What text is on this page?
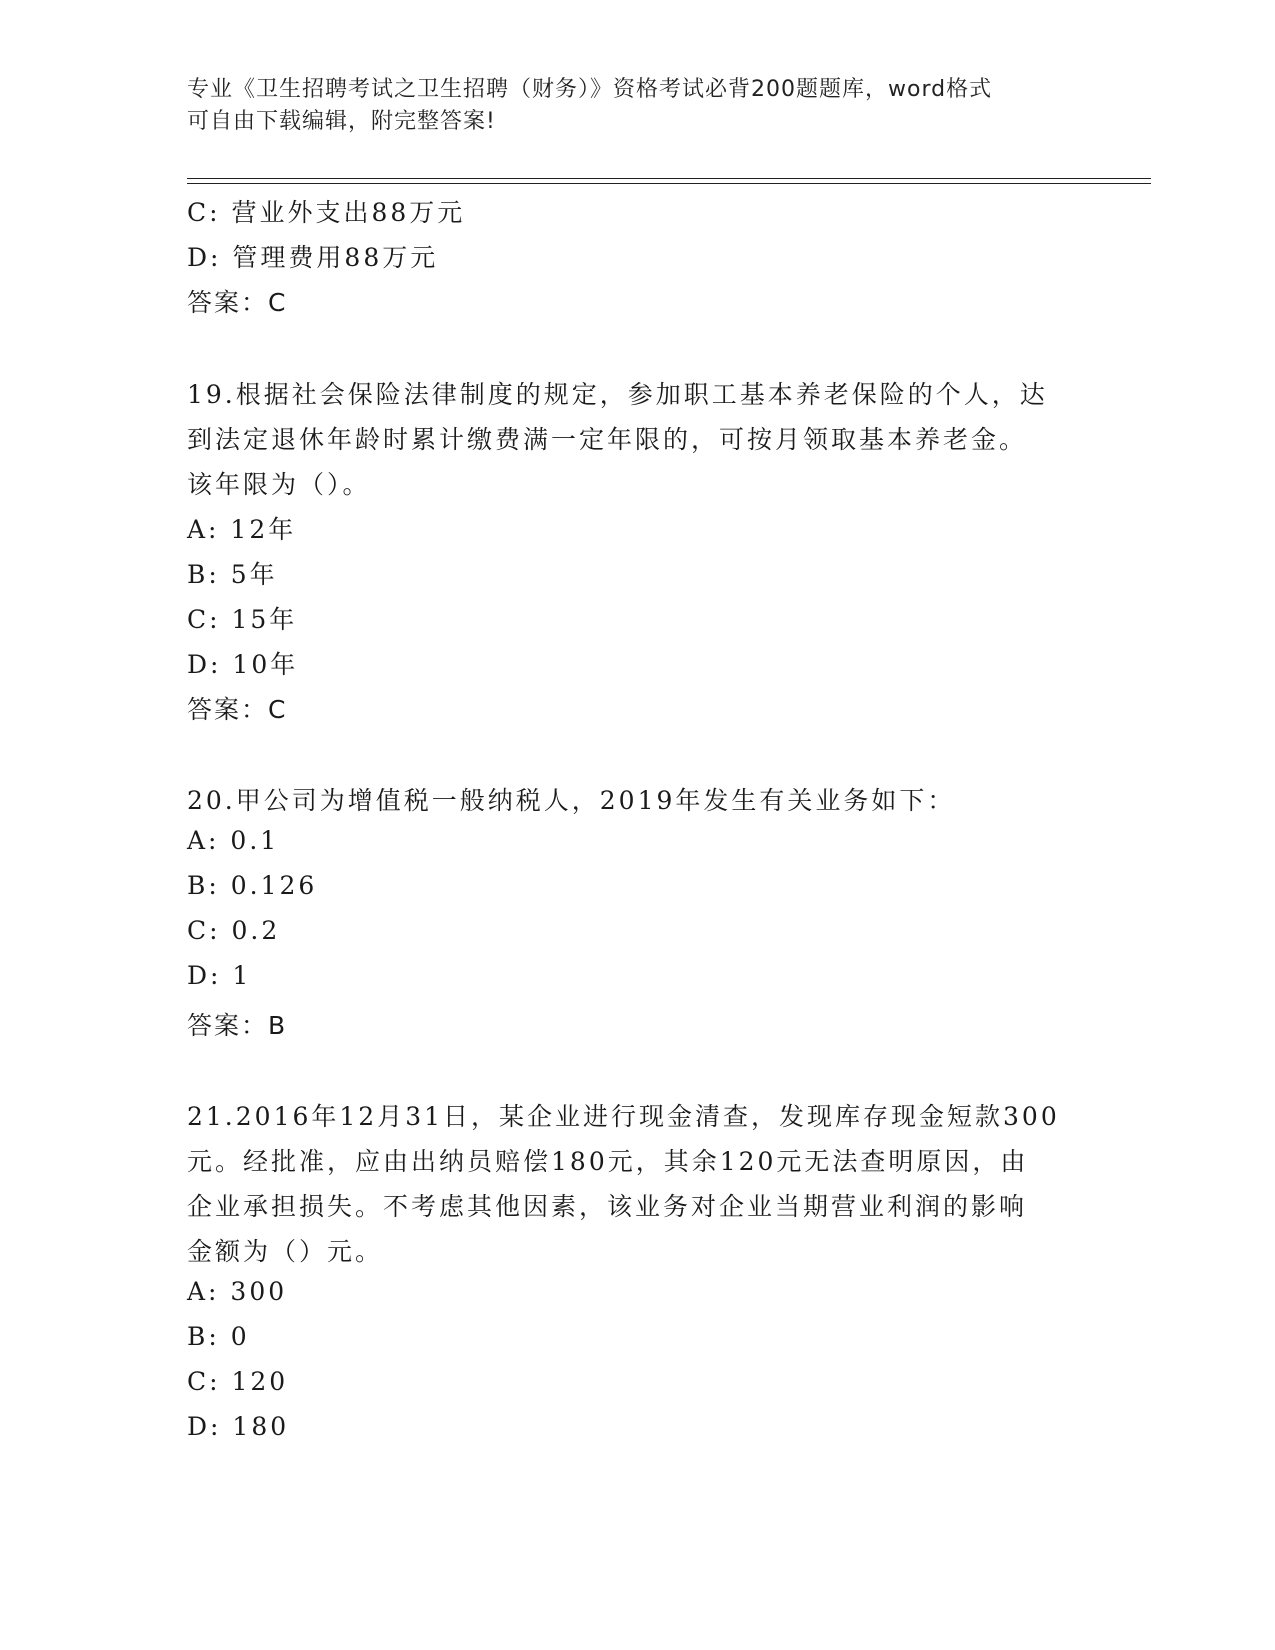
专业《卫生招聘考试之卫生招聘（财务）》资格考试必背200题题库，word格式
可自由下载编辑，附完整答案!
C: 营业外支出88万元
D: 管理费用88万元
答案：C
19.根据社会保险法律制度的规定，参加职工基本养老保险的个人，达
到法定退休年龄时累计缴费满一定年限的，可按月领取基本养老金。
该年限为（）。
A: 12年
B: 5年
C: 15年
D: 10年
答案：C
20.甲公司为增值税一般纳税人，2019年发生有关业务如下：
A: 0.1
B: 0.126
C: 0.2
D: 1
答案：B
21.2016年12月31日，某企业进行现金清查，发现库存现金短款300
元。经批准，应由出纳员赔偿180元，其余120元无法查明原因，由
企业承担损失。不考虑其他因素，该业务对企业当期营业利润的影响
金额为（）元。
A: 300
B: 0
C: 120
D: 180
